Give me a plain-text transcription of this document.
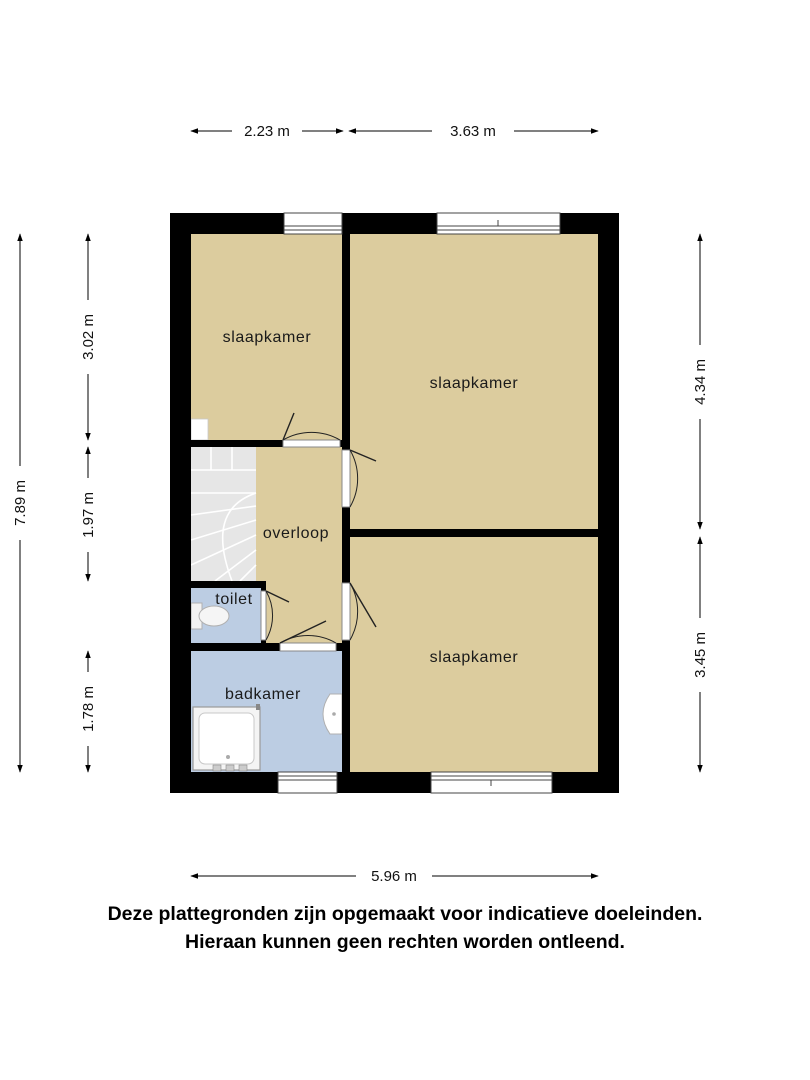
slaapkamer
slaapkamer
slaapkamer
overloop
toilet
badkamer
2.23 m	3.63 m
5.96 m
7.89 m
3.02 m
1.97 m
1.78 m
4.34 m
3.45 m
Deze plattegronden zijn opgemaakt voor indicatieve doeleinden.
Hieraan kunnen geen rechten worden ontleend.
